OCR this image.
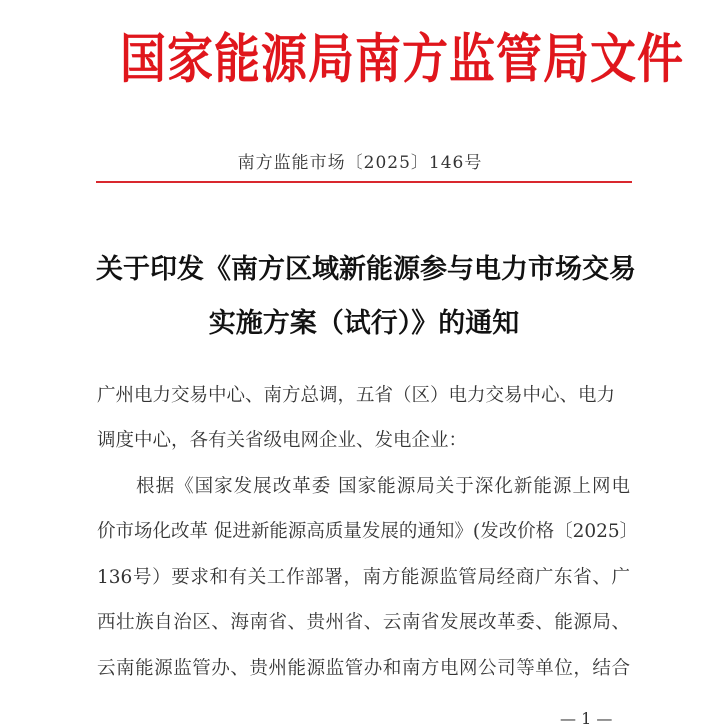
国家能源局南方监管局文件
南方监能市场〔2025〕146号
关于印发《南方区域新能源参与电力市场交易
实施方案（试行）》的通知
广州电力交易中心、南方总调，五省（区）电力交易中心、电力
调度中心，各有关省级电网企业、发电企业：
　　根据《国家发展改革委 国家能源局关于深化新能源上网电
价市场化改革 促进新能源高质量发展的通知》(发改价格〔2025〕
136号）要求和有关工作部署，南方能源监管局经商广东省、广
西壮族自治区、海南省、贵州省、云南省发展改革委、能源局、
云南能源监管办、贵州能源监管办和南方电网公司等单位，结合
— 1 —
